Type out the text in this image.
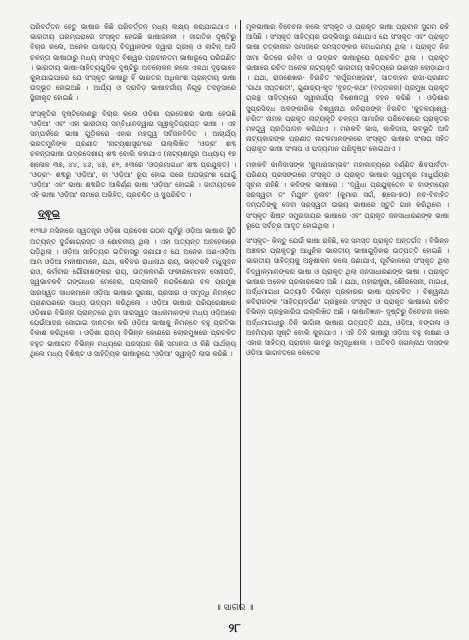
ପରିବର୍ତ୍ତନ ହେତୁ ଭାଷାର କିଛି ପରିବର୍ତ୍ତନ ମଧ୍ୟ ଲକ୍ଷ୍ୟ କରାଯାଇଥାଏ । ଭାରତୀୟ ପରମ୍ପରାରେ ସଂସ୍କୃତ ହେଉଛି ଭାଷାଜନନୀ । ଜାଗତିକ ଦୃଷ୍ଟିରୁ ବିଚାର କଲେ, ଅନେକ ପାଶ୍ଚାତ୍ୟ ବିଦ୍ୱାନଙ୍କ ଦ୍ୱାରା ଗ୍ରୀକ୍ ଓ ଲାଟିନ୍ ଆଦି ଚଳନ୍ତା ଭାଷାଠାରୁ ମଧ୍ୟ ସଂସ୍କୃତ ବିଶ୍ୱର ପ୍ରାଚୀନତମ ଭାଷାରୂପେ ପରିଗଣିତ । ଭାରତୀୟ ଭାଷା-ସାହିତ୍ୟଗୁଡ଼ିକ ଦୃଷ୍ଟିରୁ ଅବଲୋକନ କଲେ ଏକଥା ଦୃଢ଼ଭାବେ କୁହାଯାଇପାରେ ଯେ ସଂସ୍କୃତ ଭାଷାରୁ ହିଁ ଭାରତର ଅଧିକାଂଶ ପ୍ରାନ୍ତୀୟ ଭାଷା ଉଦ୍ଭୂତ ହୋଇଅଛି । ଆର୍ଯ୍ୟ ଓ ଦ୍ରାବିଡ଼ ଭାଷାବର୍ଗୀୟ ନିଗୂଢ଼ ତଦନୁସାରେ ସ୍ଥିରୀକୃତ ହୋଇଛି ।

ସଂସ୍କୃତିର ଦୃଷ୍ଟିକୋଣରୁ ବିଚାର କଲେ ଓଡ଼ିଶା ପ୍ରଦେଶର ଭାଷା ହେଉଛି 'ଓଡ଼ିଆ' ଏବଂ ଏହା ଭାରତୀୟ ସମ୍ବିଧାନଦ୍ୱାରା ସ୍ୱୀକୃତିପ୍ରାପ୍ତ ଭାଷା । ଏହ ସମ୍ପର୍କରେ ଭାଷା ଗୁଡ଼ିକରେ ଏହାର ମହତ୍ତ୍ୱ ସର୍ବଜନବିଦିତ । ଆଚାର୍ଯ୍ୟ ଭରତମୁନିଙ୍କ ପ୍ରଣୀତ 'ନାଟ୍ୟଶାସ୍ତ୍ର'ରେ ଉଲ୍ଲିଖିତ 'ଓଡ୍ର' ଶବ୍ଦ ଚଳନ୍ତାଭାଷା ଉଦ୍ରଦେଶୀୟ ଶବ୍ଦ ବୋଲି କହାଯାଏ (ନାଟ୍ୟଶାସ୍ତ୍ର ଅଧ୍ୟାୟ ୧୭ ଶ୍ଳୋକ ୩୭, ୪୪, ୪୬, ୪୭, ୫୨, ୫୩ରେ 'ଓଡ୍ରମାଗଧୀ' ଶବ୍ଦ ପ୍ରଯୁକ୍ତ) । 'ଓଡ୍ର'- ଶବ୍ଦରୁ 'ଓଡ଼ିଆ', ବା 'ଓଡ଼ିଆ' ରୂପ ହୋଇ ପରେ ଅପଭ୍ରଂଶ ଯୋଗୁଁ 'ଓଡ଼ିଆ' ଏବଂ ଭାଷା ଶବ୍ଦରିତ ଆକିର୍ଣ୍ଣ ଭାଷା 'ଓଡ଼ିଆ' ହୋଇଛି । ଜାତୀୟତଳେ ଏହି ଭାଷା 'ଓଡ଼ିଆ' ନାମରେ ଅଭିହିତ, ପ୍ରଚଳିତ ଓ ସୁପରିଚିତ ।

ଦ୍ଵୂଇ

୧୯୩୬ ମସିହାରେ ସ୍ୱତନ୍ତ୍ର ଓଡ଼ିଶା ପ୍ରଦେଶ ଗଠନ ପୂର୍ବରୁ ଓଡ଼ିଆ ଭାଷାର ସ୍ଥିତି ଅତ୍ୟନ୍ତ ଦୁର୍ଦ୍ଦଶାଗ୍ରସ୍ତ ଓ ଶୋଚନୀୟ ଥିଲା । ଏହା ଅତ୍ୟନ୍ତ ଅବହେଳାରେ ପଡ଼ିଥିଲା । ଓଡ଼ିଆ ସାହିତ୍ୟର ଇତିହାସରୁ ଜଣାଯାଏ ଯେ ଅନେକ ଅଣ-ଓଡ଼ିଆ ଆମ ଓଡ଼ିଆ ମନୀଷୀମାନେ, ଯଥା, କବିବର ରାଧାନାଥ ରାୟ, ଭକ୍ତକବି ମଧୁସୂଦନ ରାଓ, କର୍ମବୀର ଗୌରୀଶଙ୍କର ରାୟ, ଉତ୍କଳମଣି ଫକୀରମୋହନ ସେନାପତି, ସ୍ୱଭାବକବି ଗଙ୍ଗାଧର ମେହେର, ପଲ୍ଲୀକବି ନନ୍ଦକିଶୋର ବଳ ପ୍ରମୁଖ ସାରସ୍ୱତ ସାଧକମାନେ ଓଡ଼ିଆ ଭାଷାର ସୁରକ୍ଷା, ପ୍ରସାର ଓ ସମୃଦ୍ଧି ନିମନ୍ତେ ପ୍ରାଣପଣରେ ସାଧ୍ୟ ଉଦ୍ୟମ କରିଥିଲେ । ଓଡ଼ିଆ ଭାଷାର ପରିପ୍ରେକ୍ଷୀରେ ଓଡ଼ିଶାର ବିଭିନ୍ନ ପ୍ରାନ୍ତରେ ଥିବା ସାରସ୍ୱତ ସାଧକମାନଙ୍କ ମଧ୍ୟ ଓଡ଼ିଆରେ ଯେଉଁଆଦର ଜୋଗାଇ ଦାନ୍ତକା କରି ଓଡ଼ିଆ ଭାଷାକୁ ନିମନ୍ତେ ବହୁ ପ୍ରତିଭା ବିକାଶ କରିଥିଲେ । ଓଡ଼ିଶା ରାଜ୍ୟ ବିଭିନ୍ନ କୋଣରେ ଲୋକମୁଖରେ ପ୍ରଚଳିତ ବହୁତ ଭାଷାଗତ ବିଭିନ୍ନ ମଧ୍ୟରେ ପରସ୍ପର କିଛି ସମାନତା ଓ କିଛି ପାର୍ଥକ୍ୟ ଥିଲେ ମଧ୍ୟ ବିଶିଷ୍ଟ ଓ ସାହିତ୍ୟିକ ଭାଷାରୂପେ 'ଓଡ଼ିଆ' ସ୍ୱୀକୃତି ଲାଭ କରିଛି ।

ମୂଳଭାଷାର ବିବେଚନା କଲେ ସଂସ୍କୃତ ଓ ପ୍ରାକୃତ ଭାଷା ପ୍ରାଚୀନ ସୁଗମ ରହି ଆସିଛି । ସଂସ୍କୃତ ସାହିତ୍ୟର ଉଦ୍ଭିଦାରୁ ଜଣାଯାଏ ଯେ ସଂସ୍କୃତ ଏବଂ ପ୍ରାକୃତ ଭାଷା ତତ୍କାଳୀନ ସମାଜରେ ସମସ୍ତଙ୍କର ବୋଧଗମ୍ୟ ଥିଲା । ପ୍ରାକୃତ ନିଜ ସୀମା ଭିତରେ ରହିବା ଓ ଉଦ୍ଭବ ଭାଷାରୂପେ ପ୍ରଚଳିତ ଥିଲା । ପ୍ରାକୃତ ଭାଷାରେ ରଚିତ ଅନେକ ନାଟ୍ୟକୃତି ଭାରତୀୟ ସାହିତ୍ୟରେ ଉଚ୍ଚାସନ ଲୋଡ଼ାଯାଏ । ଯଥା, ରାଜଶେଖର- ବିରଚିତ 'କର୍ପୂରମଞ୍ଜରୀ', ସାତବାହନ ରାଜା-ପ୍ରଣୀତ 'ଗାଥା ସପ୍ତଶତୀ', ଗୁଣାଢ୍ୟ-କୃତ 'ବୃହତ୍-କଥା' (ବଡ୍ଡକହା) ପ୍ରମୁଖ ପ୍ରାକୃତ ଗ୍ରନ୍ଥ ସାହିତ୍ୟରେ ସ୍ୱୀକାର୍ଯ୍ୟ ବିଶେଷତ୍ୱ ବହନ କରିଛି । ଓଡ଼ିଶାର ସୁପ୍ରସିଦ୍ଧ ଅଳଙ୍କାରିକ ବିଶ୍ୱନାଥ କବିରାଜଙ୍କ ବିରଚିତ 'କୁବଳୟାଶ୍ୱ- ଚରିତ' ନାମକ ପ୍ରାକୃତ ନାଟ୍ୟକୃତି ଚଳନ୍ତା ସାମାଜିକ ପରିବେଶରେ ପ୍ରାକୃତର ମହତ୍ତ୍ୱ ପ୍ରତିପାଦନ କରିଥାଏ । ମହାକବି ଭାସ, କାଳିଦାସ, ଭବଭୂତି ଆଦି ନାଟ୍ୟକାରଙ୍କ ପ୍ରଣୀତ ନାଟକମାନଙ୍କରେ ସଂସ୍କୃତ ଭାଷାର ସଂଳାପ ସହିତ ପ୍ରାକୃତ ଭାଷା ସଂଳାପ ଓ ପଦ୍ୟମାନ ପରିଦୃଷ୍ଟ ହୋଇଥାଏ ।

ମହାକବି କାଳିଦାସଙ୍କ 'କୁମାରସମ୍ଭବ' ମହାକାବ୍ୟରେ ବର୍ଣ୍ଣିତ ଶିବପାର୍ବତୀ- ପରିଣୟ ପ୍ରସଙ୍ଗରେ ସଂସ୍କୃତ ଓ ପ୍ରାକୃତ ଭାଷାର ସ୍ୱତନ୍ତ୍ର ମାଧୁର୍ଯ୍ୟର ସୂଚନା ରହିଛି । କବିଙ୍କ ଭାଷାରେ : 'ଦ୍ୱିଧା ପ୍ରଯୁକ୍ତେନ ଚ ବାଙ୍ମୟେନ ସରସ୍ୱତୀ ତଂ ମିଥୁନଂ ନୁନାବ' (କୁମାର ସର୍ଗ, ଶ୍ଳୋ-୭୦) ନବ-ବିବାହିତ ଦମ୍ପତିଙ୍କୁ ଦେବୀ ସରସ୍ୱତୀ ଉଭୟ ଭାଷାରେ ସ୍ତୁତି ଗାନ କରିଥିଲେ । ସଂସ୍କୃତ ଶିଷ୍ଟ ସମ୍ପ୍ରଦାୟର ଭାଷାରେ ଏବଂ ପ୍ରାକୃତ ଜନସାଧାରଣଙ୍କ ଭାଷା ରୂପେ ସର୍ବତ୍ର ଆଦୃତ ହୋଇଥିଲା ।

ସଂସ୍କୃତ- କିନ୍ତୁ ଯେଉଁ ଭାଷା ରହିଛି, ସେ ସମସ୍ତ ପ୍ରାକୃତ ଅନ୍ତର୍ଗତ । ବିଭିନ୍ନ ଅଞ୍ଚଳର ପ୍ରାକୃତରୁ ଆଧୁନିକ ଭାରତୀୟ ଭାଷାଗୁଡ଼ିକର ଉତ୍ପତ୍ତି ହୋଇଛି । ଭାରତୀୟ ସାହିତ୍ୟକୁ ଅନୁଶୀଳନ କଲେ ଜଣାଯାଏ, ପୂର୍ବକାଳରେ ସଂସ୍କୃତ ଥିଲା ବିଦ୍ୱାନ୍‌ମାନଙ୍କର ଭାଷା ଓ ପ୍ରାକୃତ ଥିଲା ଜନସାଧାରଣଙ୍କ ଭାଷା । ପ୍ରାକୃତ ଭାଷାର ଅନେକ ପ୍ରକାରଭେଦ ଅଛି । ଯଥା, ମହାରାଷ୍ଟ୍ରୀ, ଶୌରସେନୀ, ମାଗଧୀ, ଅର୍ଦ୍ଧମାଗଧୀ ଇତ୍ୟାଦି ବିଭିନ୍ନ ପ୍ରକାରର ଭାଷା ପ୍ରଚଳିତ । ବିଶ୍ୱନାଥ କବିରାଜଙ୍କ 'ସାହିତ୍ୟଦର୍ପଣ' ଗ୍ରନ୍ଥରେ ସଂସ୍କୃତ ଓ ପ୍ରାକୃତ ଭାଷାରେ ରଚିତ ବିଭିନ୍ନ ଗ୍ରନ୍ଥକାରିତା ଉଲ୍ଲିଖିତ ଅଛି । ଭାଷାବିଜ୍ଞାନ- ଦୃଷ୍ଟିରୁ ବିବେଚନା କଲେ ଅର୍ଦ୍ଧମାଗଧୀରୁ ତିନି ଭାଗିନୀ ଭାଷାର ଉତ୍ପତ୍ତି ଯଥା, ଓଡ଼ିଆ, ବଙ୍ଗଳା ଓ ଅହମିୟାର ସୃଷ୍ଟି ବୋଲି କୁହାଯାଏ । ଏହି ତିନି ଭାଷାରୁ ଓଡ଼ିଆ ବହୁ ଲକ୍ଷଣ ଓ ଏହାର ସାହିତ୍ୟ ପ୍ରାଚୀନ ଭାବରୁ ସମୃଦ୍ଧିଶାଳୀ । ଅତିବଡ଼ି ଜଗନ୍ନାଥ ଦାସଙ୍କ ଓଡ଼ିଆ ଭାଗବତରେ କେତେକ

॥ ସାଗର ॥
୨୮
